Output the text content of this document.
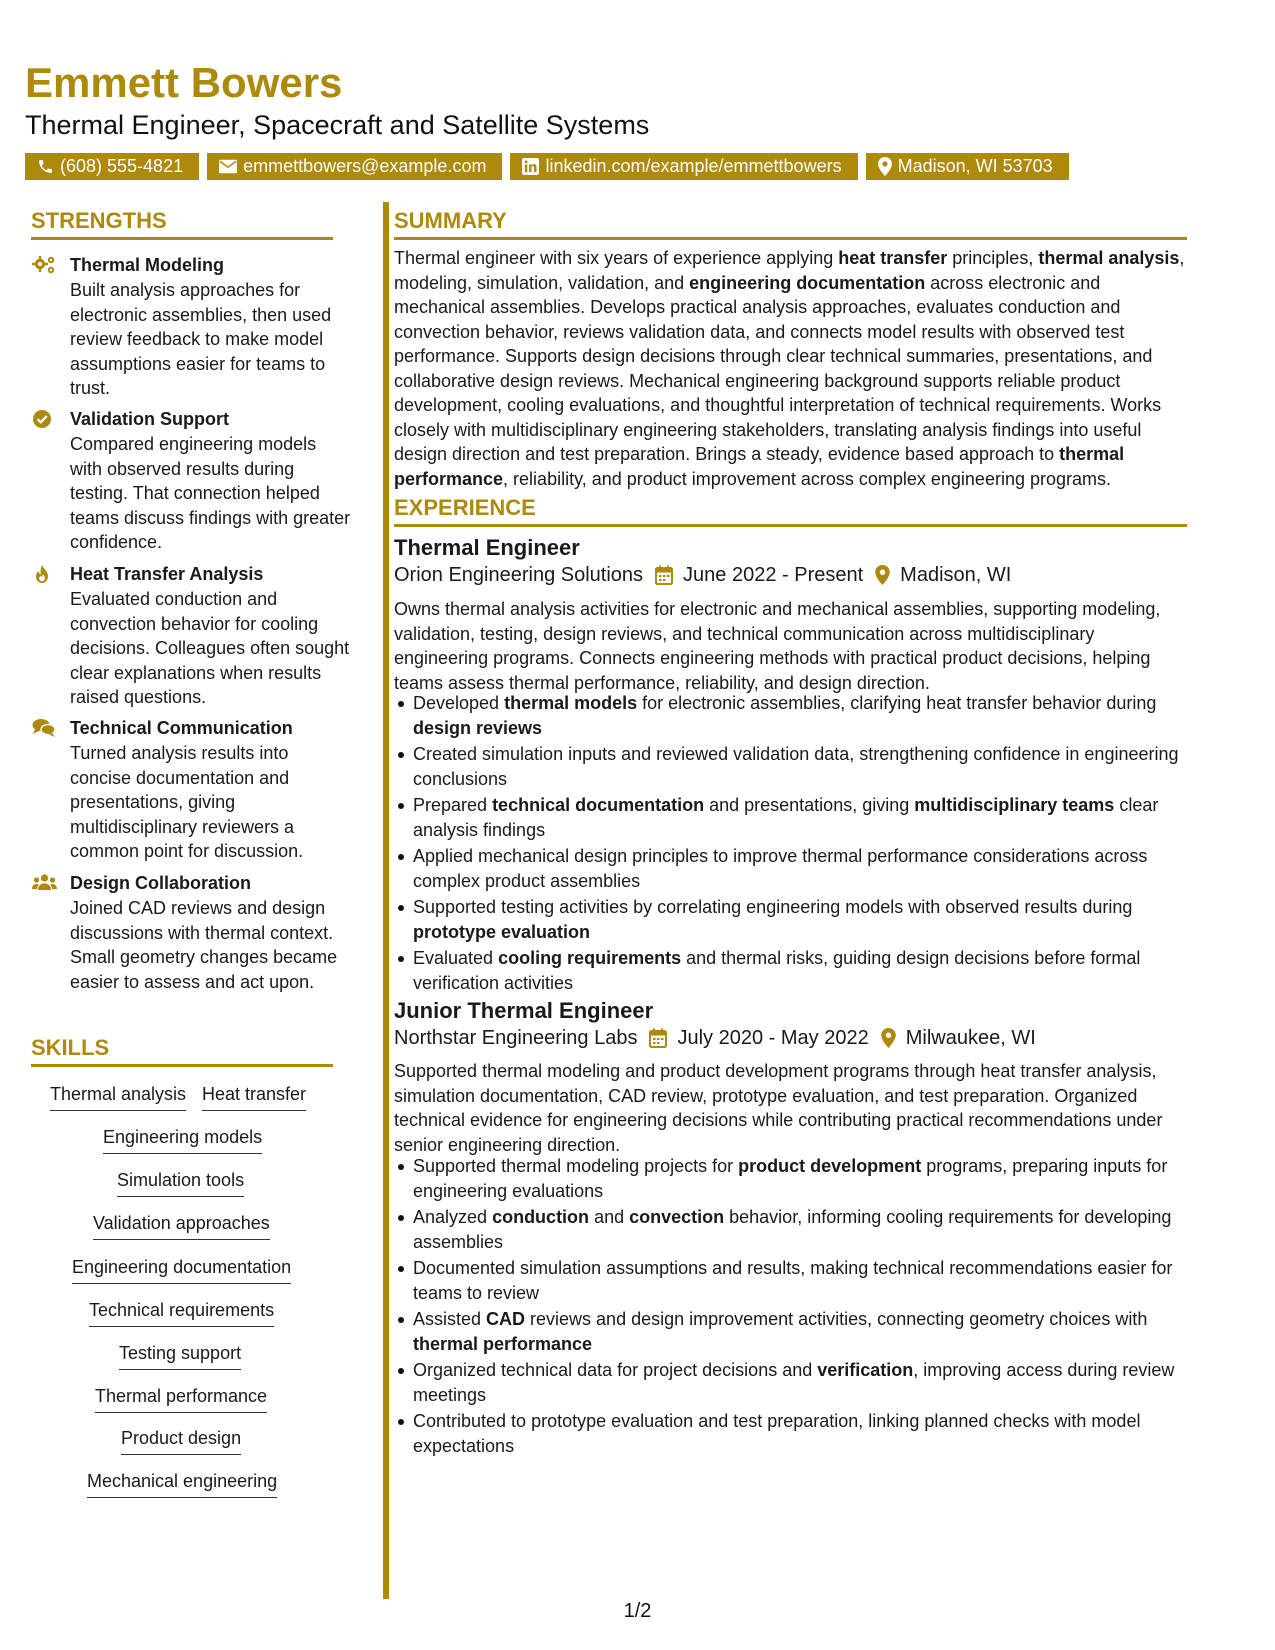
Emmett Bowers
Thermal Engineer, Spacecraft and Satellite Systems
(608) 555-4821	emmettbowers@example.com	linkedin.com/example/emmettbowers	Madison, WI 53703
STRENGTHS
Thermal Modeling
Built analysis approaches for electronic assemblies, then used review feedback to make model assumptions easier for teams to trust.
Validation Support
Compared engineering models with observed results during testing. That connection helped teams discuss findings with greater confidence.
Heat Transfer Analysis
Evaluated conduction and convection behavior for cooling decisions. Colleagues often sought clear explanations when results raised questions.
Technical Communication
Turned analysis results into concise documentation and presentations, giving multidisciplinary reviewers a common point for discussion.
Design Collaboration
Joined CAD reviews and design discussions with thermal context. Small geometry changes became easier to assess and act upon.
SKILLS
Thermal analysis Heat transfer
Engineering models
Simulation tools
Validation approaches
Engineering documentation
Technical requirements
Testing support
Thermal performance
Product design
Mechanical engineering
SUMMARY
Thermal engineer with six years of experience applying heat transfer principles, thermal analysis, modeling, simulation, validation, and engineering documentation across electronic and mechanical assemblies. Develops practical analysis approaches, evaluates conduction and convection behavior, reviews validation data, and connects model results with observed test performance. Supports design decisions through clear technical summaries, presentations, and collaborative design reviews. Mechanical engineering background supports reliable product development, cooling evaluations, and thoughtful interpretation of technical requirements. Works closely with multidisciplinary engineering stakeholders, translating analysis findings into useful design direction and test preparation. Brings a steady, evidence based approach to thermal performance, reliability, and product improvement across complex engineering programs.
EXPERIENCE
Thermal Engineer
Orion Engineering Solutions June 2022 - Present Madison, WI
Owns thermal analysis activities for electronic and mechanical assemblies, supporting modeling, validation, testing, design reviews, and technical communication across multidisciplinary engineering programs. Connects engineering methods with practical product decisions, helping teams assess thermal performance, reliability, and design direction.
Developed thermal models for electronic assemblies, clarifying heat transfer behavior during design reviews
Created simulation inputs and reviewed validation data, strengthening confidence in engineering conclusions
Prepared technical documentation and presentations, giving multidisciplinary teams clear analysis findings
Applied mechanical design principles to improve thermal performance considerations across complex product assemblies
Supported testing activities by correlating engineering models with observed results during prototype evaluation
Evaluated cooling requirements and thermal risks, guiding design decisions before formal verification activities
Junior Thermal Engineer
Northstar Engineering Labs July 2020 - May 2022 Milwaukee, WI
Supported thermal modeling and product development programs through heat transfer analysis, simulation documentation, CAD review, prototype evaluation, and test preparation. Organized technical evidence for engineering decisions while contributing practical recommendations under senior engineering direction.
Supported thermal modeling projects for product development programs, preparing inputs for engineering evaluations
Analyzed conduction and convection behavior, informing cooling requirements for developing assemblies
Documented simulation assumptions and results, making technical recommendations easier for teams to review
Assisted CAD reviews and design improvement activities, connecting geometry choices with thermal performance
Organized technical data for project decisions and verification, improving access during review meetings
Contributed to prototype evaluation and test preparation, linking planned checks with model expectations
1/2
